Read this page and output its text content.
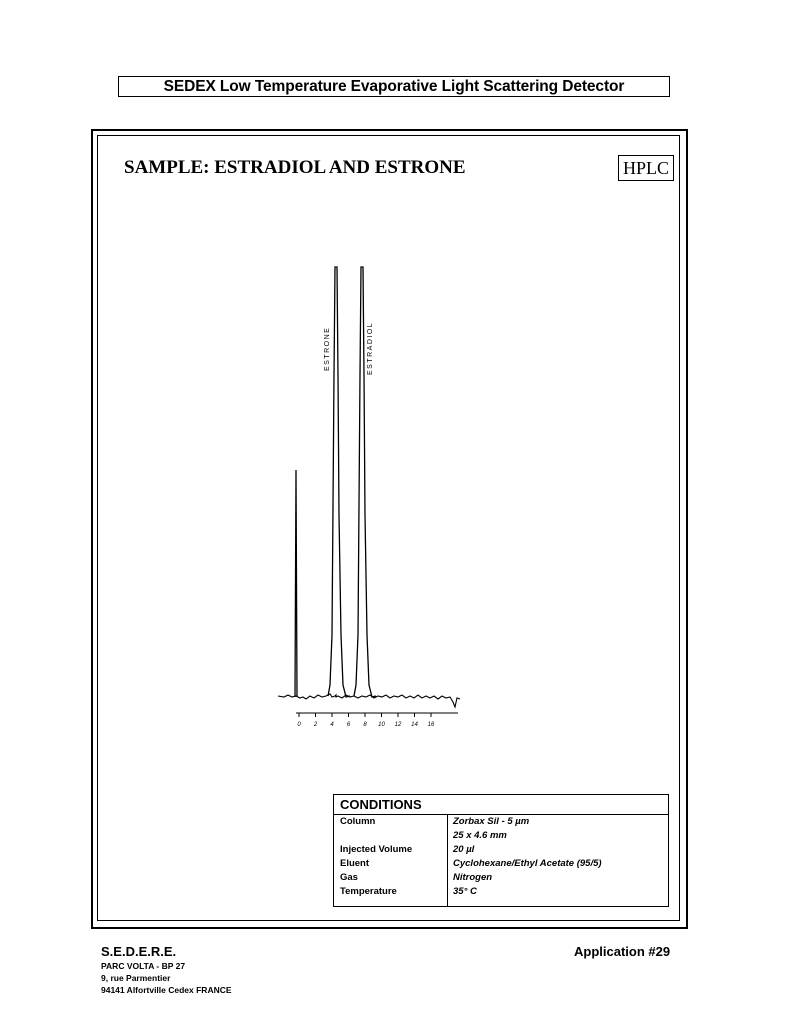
SEDEX Low Temperature Evaporative Light Scattering Detector
SAMPLE: ESTRADIOL AND ESTRONE	HPLC
ESTRONE	ESTRADIOL
0 2 4 6 8 10 12 14 16
CONDITIONS
Column	Zorbax Sil - 5 µm
25 x 4.6 mm
Injected Volume	20 µl
Eluent	Cyclohexane/Ethyl Acetate (95/5)
Gas	Nitrogen
Temperature	35° C
S.E.D.E.R.E.
PARC VOLTA - BP 27
9, rue Parmentier
94141 Alfortville Cedex FRANCE
Application #29
